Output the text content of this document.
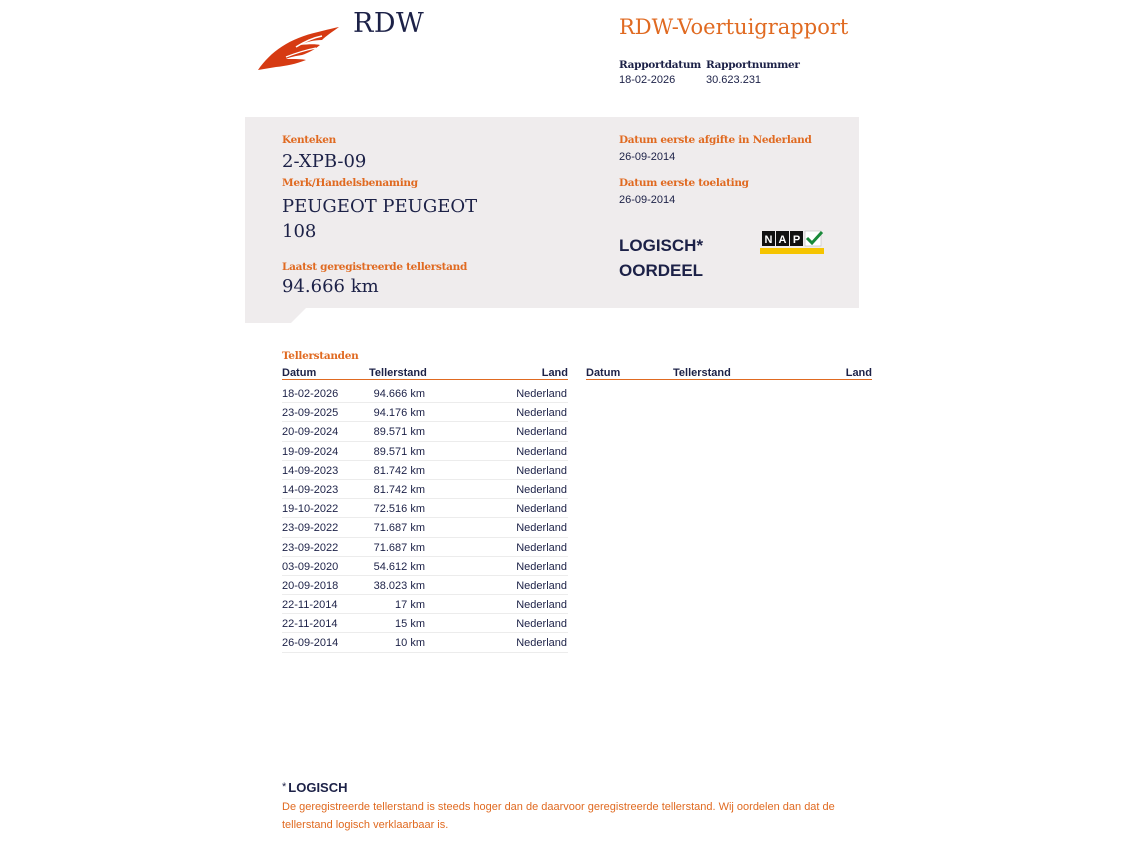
RDW	RDW-Voertuigrapport
Rapportdatum
18-02-2026
Rapportnummer
30.623.231
Kenteken
2-XPB-09
Merk/Handelsbenaming
PEUGEOT PEUGEOT
108
Laatst geregistreerde tellerstand
94.666 km
Datum eerste afgifte in Nederland
26-09-2014
Datum eerste toelating
26-09-2014
LOGISCH*
OORDEEL
N A P
Tellerstanden
Datum	Tellerstand	Land Datum	Tellerstand	Land
18-02-2026	94.666 km	Nederland
23-09-2025	94.176 km	Nederland
20-09-2024	89.571 km	Nederland
19-09-2024	89.571 km	Nederland
14-09-2023	81.742 km	Nederland
14-09-2023	81.742 km	Nederland
19-10-2022	72.516 km	Nederland
23-09-2022	71.687 km	Nederland
23-09-2022	71.687 km	Nederland
03-09-2020	54.612 km	Nederland
20-09-2018	38.023 km	Nederland
22-11-2014	17 km	Nederland
22-11-2014	15 km	Nederland
26-09-2014	10 km	Nederland
* LOGISCH
De geregistreerde tellerstand is steeds hoger dan de daarvoor geregistreerde tellerstand. Wij oordelen dan dat de tellerstand logisch verklaarbaar is.
